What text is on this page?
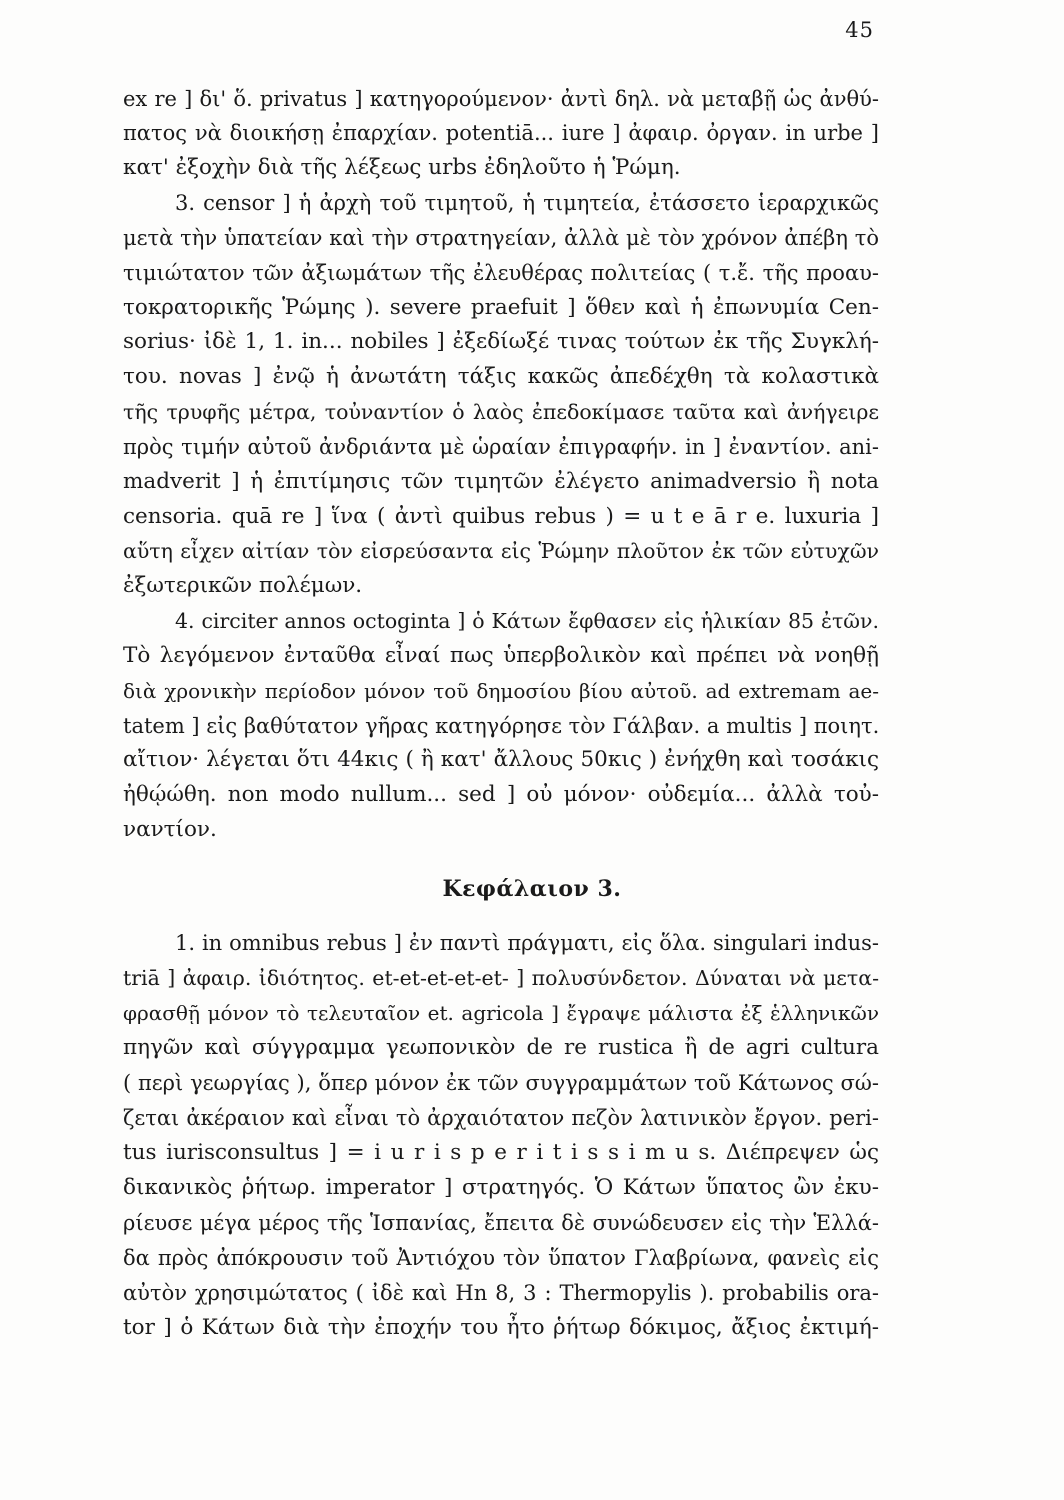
45
ex re ] δι' ὅ. privatus ] κατηγορούμενον· ἀντὶ δηλ. νὰ μεταβῇ ὡς ἀνθύ-
πατος νὰ διοικήσῃ ἐπαρχίαν. potentiā... iure ] ἀφαιρ. ὀργαν. in urbe ]
κατ' ἐξοχὴν διὰ τῆς λέξεως urbs ἐδηλοῦτο ἡ Ῥώμη.
3. censor ] ἡ ἀρχὴ τοῦ τιμητοῦ, ἡ τιμητεία, ἐτάσσετο ἱεραρχικῶς
μετὰ τὴν ὑπατείαν καὶ τὴν στρατηγείαν, ἀλλὰ μὲ τὸν χρόνον ἀπέβη τὸ
τιμιώτατον τῶν ἀξιωμάτων τῆς ἐλευθέρας πολιτείας ( τ.ἔ. τῆς προαυ-
τοκρατορικῆς Ῥώμης ). severe praefuit ] ὅθεν καὶ ἡ ἐπωνυμία Cen-
sorius· ἰδὲ 1, 1. in... nobiles ] ἐξεδίωξέ τινας τούτων ἐκ τῆς Συγκλή-
του. novas ] ἐνῷ ἡ ἀνωτάτη τάξις κακῶς ἀπεδέχθη τὰ κολαστικὰ
τῆς τρυφῆς μέτρα, τοὐναντίον ὁ λαὸς ἐπεδοκίμασε ταῦτα καὶ ἀνήγειρε
πρὸς τιμήν αὐτοῦ ἀνδριάντα μὲ ὡραίαν ἐπιγραφήν. in ] ἐναντίον. ani-
madverit ] ἡ ἐπιτίμησις τῶν τιμητῶν ἐλέγετο animadversio ἢ nota
censoria. quā re ] ἵνα ( ἀντὶ quibus rebus ) = u t e ā r e. luxuria ]
αὕτη εἶχεν αἰτίαν τὸν εἰσρεύσαντα εἰς Ῥώμην πλοῦτον ἐκ τῶν εὐτυχῶν
ἐξωτερικῶν πολέμων.
4. circiter annos octoginta ] ὁ Κάτων ἔφθασεν εἰς ἡλικίαν 85 ἐτῶν.
Τὸ λεγόμενον ἐνταῦθα εἶναί πως ὑπερβολικὸν καὶ πρέπει νὰ νοηθῇ
διὰ χρονικὴν περίοδον μόνον τοῦ δημοσίου βίου αὐτοῦ. ad extremam ae-
tatem ] εἰς βαθύτατον γῆρας κατηγόρησε τὸν Γάλβαν. a multis ] ποιητ.
αἴτιον· λέγεται ὅτι 44κις ( ἢ κατ' ἄλλους 50κις ) ἐνήχθη καὶ τοσάκις
ἠθῴώθη. non modo nullum... sed ] οὐ μόνον· οὐδεμία... ἀλλὰ τοὐ-
ναντίον.
Κεφάλαιον 3.
1. in omnibus rebus ] ἐν παντὶ πράγματι, εἰς ὅλα. singulari indus-
triā ] ἀφαιρ. ἰδιότητος. et-et-et-et-et- ] πολυσύνδετον. Δύναται νὰ μετα-
φρασθῇ μόνον τὸ τελευταῖον et. agricola ] ἔγραψε μάλιστα ἐξ ἑλληνικῶν
πηγῶν καὶ σύγγραμμα γεωπονικὸν de re rustica ἢ de agri cultura
( περὶ γεωργίας ), ὅπερ μόνον ἐκ τῶν συγγραμμάτων τοῦ Κάτωνος σώ-
ζεται ἀκέραιον καὶ εἶναι τὸ ἀρχαιότατον πεζὸν λατινικὸν ἔργον. peri-
tus iurisconsultus ] = i u r i s p e r i t i s s i m u s. Διέπρεψεν ὡς
δικανικὸς ῥήτωρ. imperator ] στρατηγός. Ὁ Κάτων ὕπατος ὢν ἐκυ-
ρίευσε μέγα μέρος τῆς Ἱσπανίας, ἔπειτα δὲ συνώδευσεν εἰς τὴν Ἑλλά-
δα πρὸς ἀπόκρουσιν τοῦ Ἀντιόχου τὸν ὕπατον Γλαβρίωνα, φανεὶς εἰς
αὐτὸν χρησιμώτατος ( ἰδὲ καὶ Hn 8, 3 : Thermopylis ). probabilis ora-
tor ] ὁ Κάτων διὰ τὴν ἐποχήν του ἦτο ῥήτωρ δόκιμος, ἄξιος ἐκτιμή-
